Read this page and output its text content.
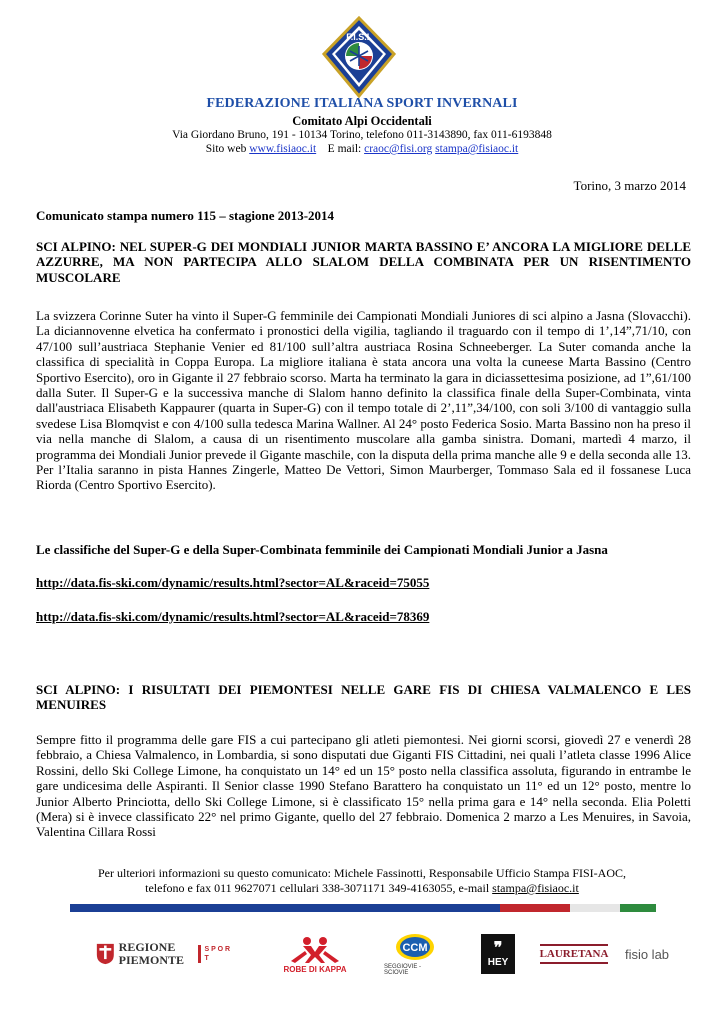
F.I.S.I.
FEDERAZIONE ITALIANA SPORT INVERNALI
Comitato Alpi Occidentali
Via Giordano Bruno, 191 - 10134 Torino, telefono 011-3143890, fax 011-6193848
Sito web www.fisiaoc.it E mail: craoc@fisi.org stampa@fisiaoc.it
Torino, 3 marzo 2014
Comunicato stampa numero 115 – stagione 2013-2014
SCI ALPINO: NEL SUPER-G DEI MONDIALI JUNIOR MARTA BASSINO E’ ANCORA LA MIGLIORE DELLE AZZURRE, MA NON PARTECIPA ALLO SLALOM DELLA COMBINATA PER UN RISENTIMENTO MUSCOLARE
La svizzera Corinne Suter ha vinto il Super-G femminile dei Campionati Mondiali Juniores di sci alpino a Jasna (Slovacchi). La diciannovenne elvetica ha confermato i pronostici della vigilia, tagliando il traguardo con il tempo di 1’,14”,71/10, con 47/100 sull’austriaca Stephanie Venier ed 81/100 sull’altra austriaca Rosina Schneeberger. La Suter comanda anche la classifica di specialità in Coppa Europa. La migliore italiana è stata ancora una volta la cuneese Marta Bassino (Centro Sportivo Esercito), oro in Gigante il 27 febbraio scorso. Marta ha terminato la gara in diciassettesima posizione, ad 1”,61/100 dalla Suter. Il Super-G e la successiva manche di Slalom hanno definito la classifica finale della Super-Combinata, vinta dall'austriaca Elisabeth Kappaurer (quarta in Super-G) con il tempo totale di 2’,11”,34/100, con soli 3/100 di vantaggio sulla svedese Lisa Blomqvist e con 4/100 sulla tedesca Marina Wallner. Al 24° posto Federica Sosio. Marta Bassino non ha preso il via nella manche di Slalom, a causa di un risentimento muscolare alla gamba sinistra. Domani, martedì 4 marzo, il programma dei Mondiali Junior prevede il Gigante maschile, con la disputa della prima manche alle 9 e della seconda alle 13. Per l’Italia saranno in pista Hannes Zingerle, Matteo De Vettori, Simon Maurberger, Tommaso Sala ed il fossanese Luca Riorda (Centro Sportivo Esercito).
Le classifiche del Super-G e della Super-Combinata femminile dei Campionati Mondiali Junior a Jasna
http://data.fis-ski.com/dynamic/results.html?sector=AL&raceid=75055
http://data.fis-ski.com/dynamic/results.html?sector=AL&raceid=78369
SCI ALPINO: I RISULTATI DEI PIEMONTESI NELLE GARE FIS DI CHIESA VALMALENCO E LES MENUIRES
Sempre fitto il programma delle gare FIS a cui partecipano gli atleti piemontesi. Nei giorni scorsi, giovedì 27 e venerdì 28 febbraio, a Chiesa Valmalenco, in Lombardia, si sono disputati due Giganti FIS Cittadini, nei quali l’atleta classe 1996 Alice Rossini, dello Ski College Limone, ha conquistato un 14° ed un 15° posto nella classifica assoluta, figurando in entrambe le gare undicesima delle Aspiranti. Il Senior classe 1990 Stefano Barattero ha conquistato un 11° ed un 12° posto, mentre lo Junior Alberto Princiotta, dello Ski College Limone, si è classificato 15° nella prima gara e 14° nella seconda. Elia Poletti (Mera) si è invece classificato 22° nel primo Gigante, quello del 27 febbraio. Domenica 2 marzo a Les Menuires, in Savoia, Valentina Cillara Rossi
Per ulteriori informazioni su questo comunicato: Michele Fassinotti, Responsabile Ufficio Stampa FISI-AOC,
telefono e fax 011 9627071 cellulari 338-3071171 349-4163055, e-mail stampa@fisiaoc.it
REGIONE
PIEMONTE
S P O R T
ROBE DI KAPPA
CCM
SEGGIOVIE - SCIOVIE
❞
HEY
LAURETANA fisio lab
